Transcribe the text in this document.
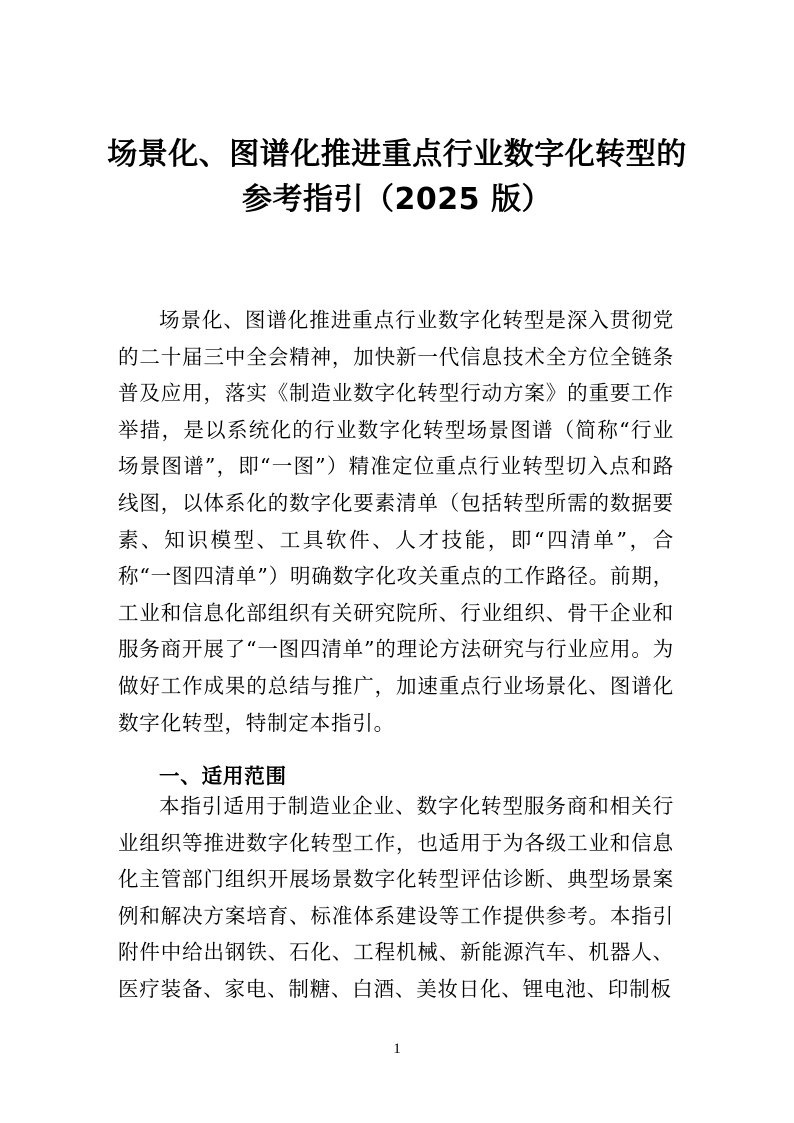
场景化、图谱化推进重点行业数字化转型的
参考指引（2025 版）

场景化、图谱化推进重点行业数字化转型是深入贯彻党的二十届三中全会精神，加快新一代信息技术全方位全链条普及应用，落实《制造业数字化转型行动方案》的重要工作举措，是以系统化的行业数字化转型场景图谱（简称“行业场景图谱”，即“一图”）精准定位重点行业转型切入点和路线图，以体系化的数字化要素清单（包括转型所需的数据要素、知识模型、工具软件、人才技能，即“四清单”，合称“一图四清单”）明确数字化攻关重点的工作路径。前期，工业和信息化部组织有关研究院所、行业组织、骨干企业和服务商开展了“一图四清单”的理论方法研究与行业应用。为做好工作成果的总结与推广，加速重点行业场景化、图谱化数字化转型，特制定本指引。

一、适用范围

本指引适用于制造业企业、数字化转型服务商和相关行业组织等推进数字化转型工作，也适用于为各级工业和信息化主管部门组织开展场景数字化转型评估诊断、典型场景案例和解决方案培育、标准体系建设等工作提供参考。本指引附件中给出钢铁、石化、工程机械、新能源汽车、机器人、医疗装备、家电、制糖、白酒、美妆日化、锂电池、印制板

1
